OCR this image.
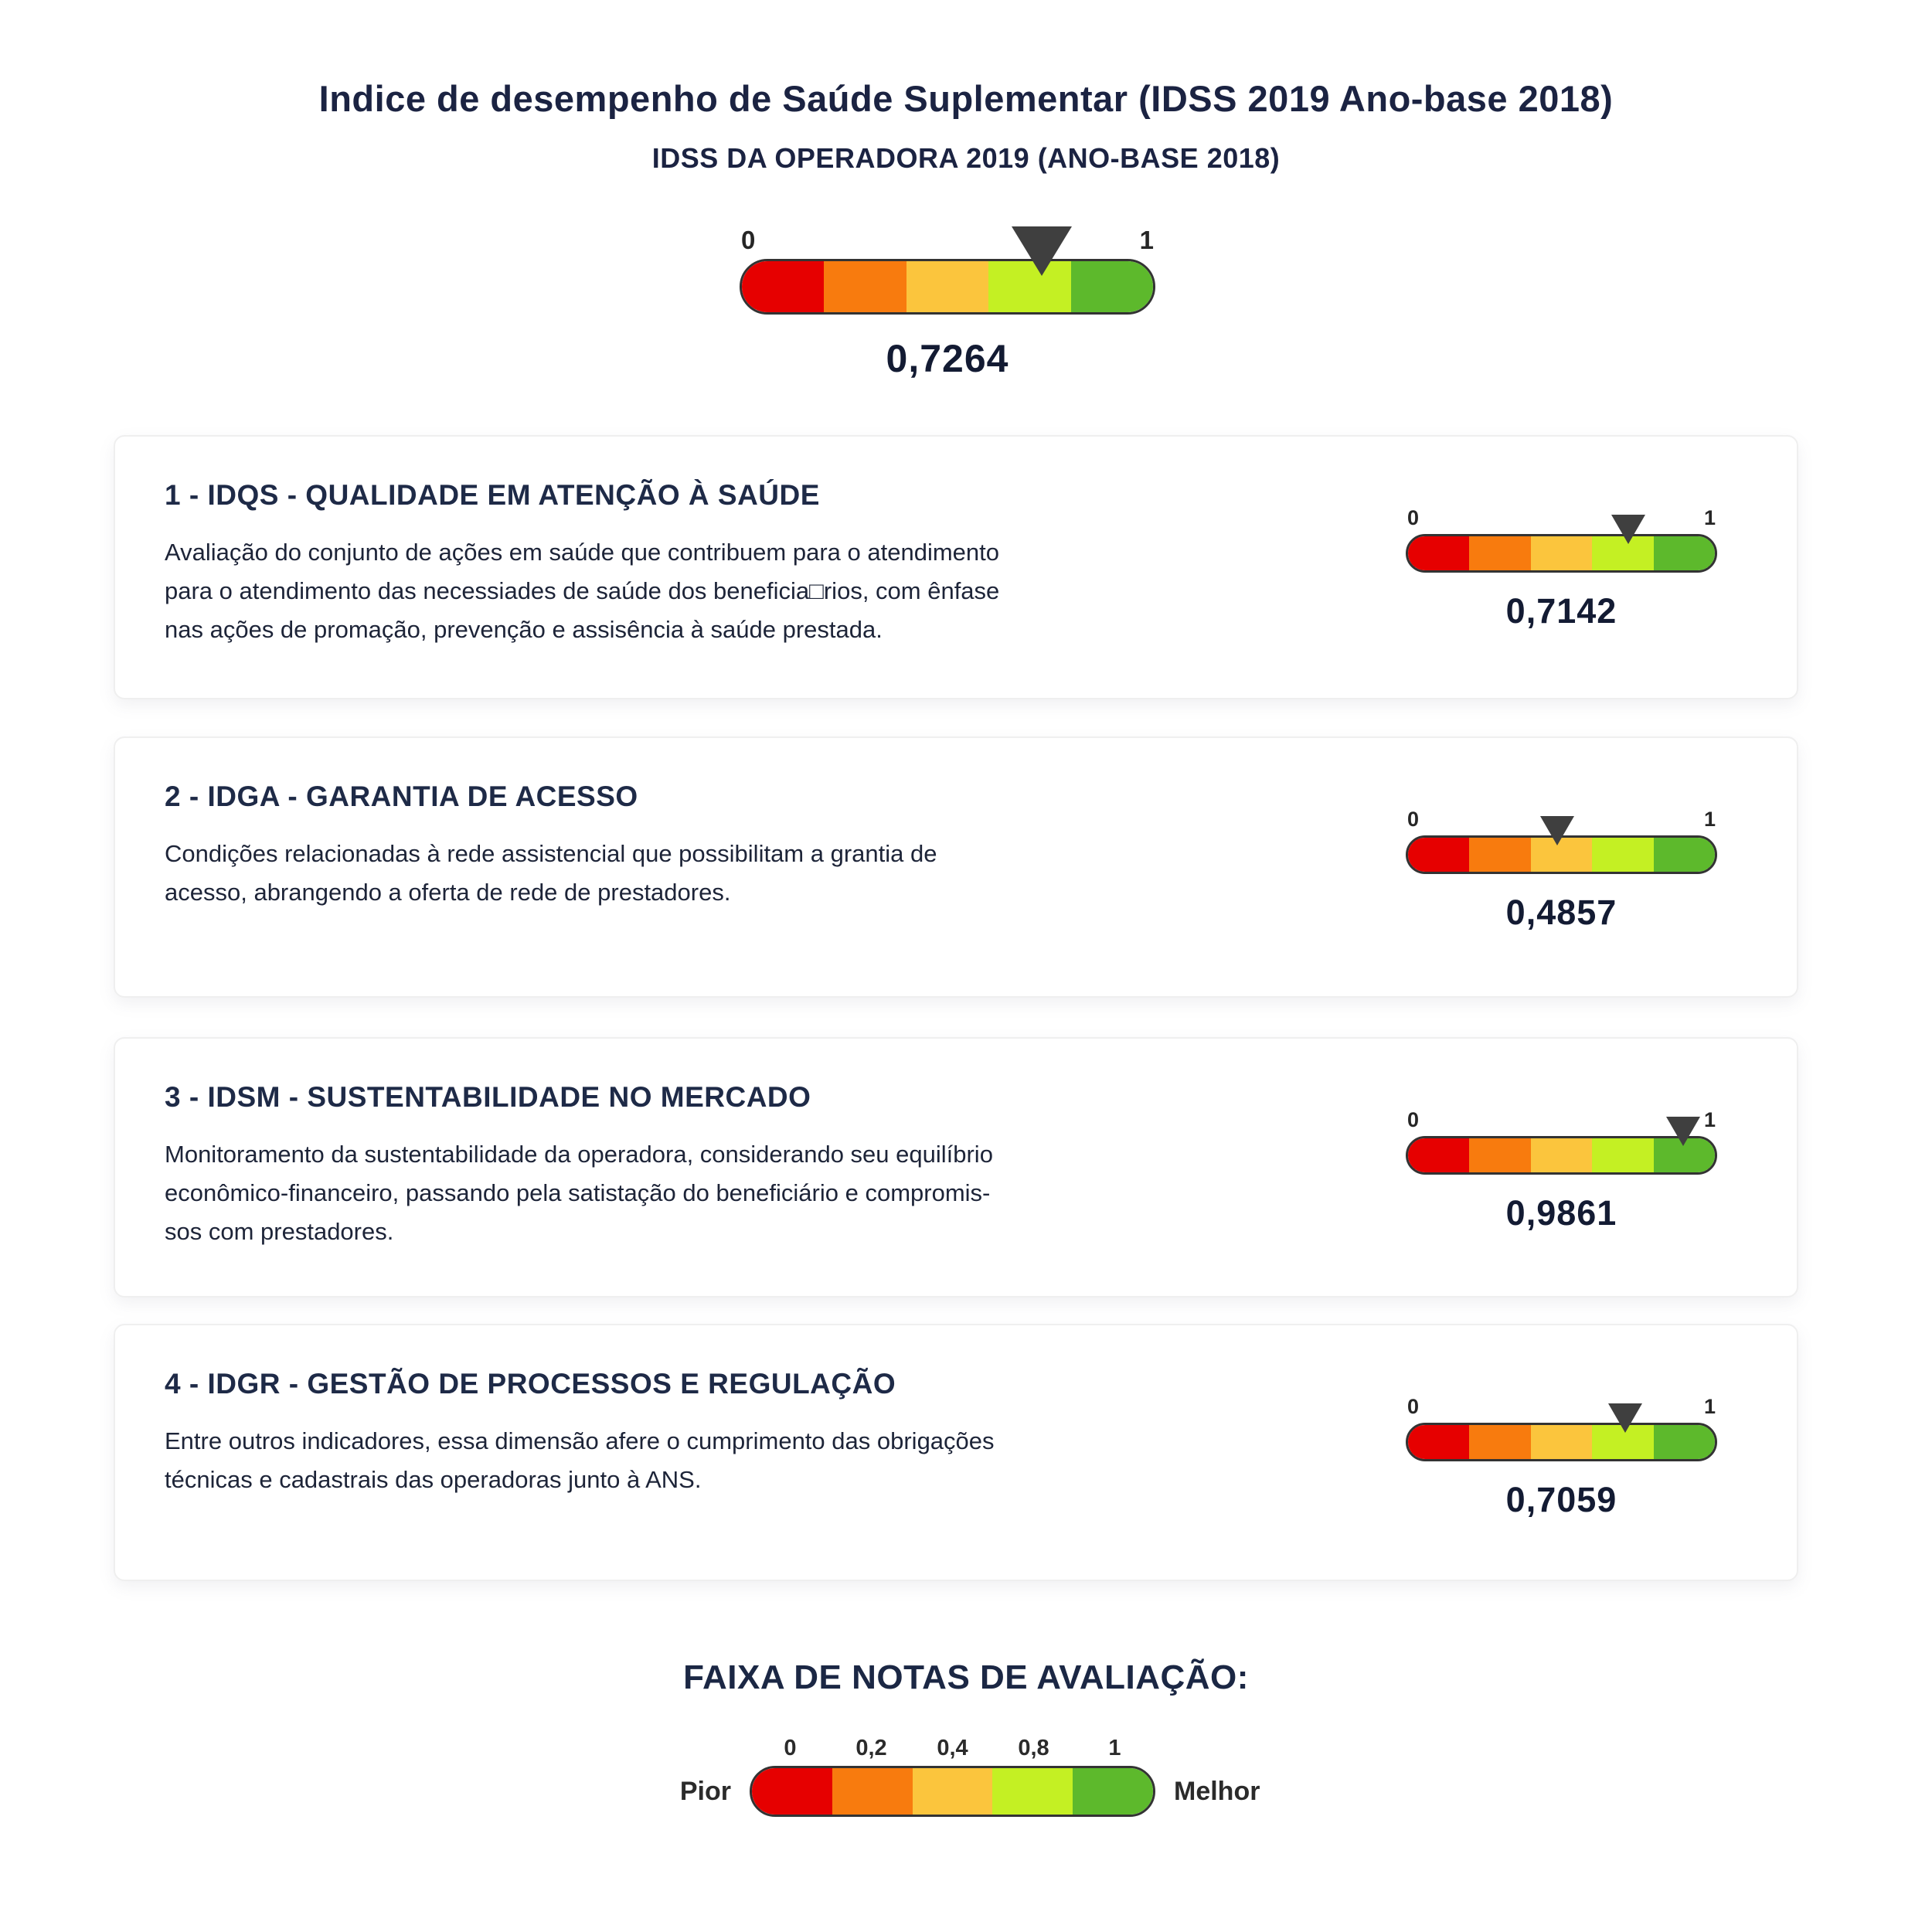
Indice de desempenho de Saúde Suplementar (IDSS 2019 Ano-base 2018)
IDSS DA OPERADORA 2019 (ANO-BASE 2018)
0	1
0,7264
1 - IDQS - QUALIDADE EM ATENÇÃO À SAÚDE
Avaliação do conjunto de ações em saúde que contribuem para o atendimento
para o atendimento das necessiades de saúde dos beneficia□rios, com ênfase
nas ações de promação, prevenção e assisência à saúde prestada.
0	1
0,7142
2 - IDGA - GARANTIA DE ACESSO
Condições relacionadas à rede assistencial que possibilitam a grantia de
acesso, abrangendo a oferta de rede de prestadores.
0	1
0,4857
3 - IDSM - SUSTENTABILIDADE NO MERCADO
Monitoramento da sustentabilidade da operadora, considerando seu equilíbrio
econômico-financeiro, passando pela satistação do beneficiário e compromis-
sos com prestadores.
0	1
0,9861
4 - IDGR - GESTÃO DE PROCESSOS E REGULAÇÃO
Entre outros indicadores, essa dimensão afere o cumprimento das obrigações
técnicas e cadastrais das operadoras junto à ANS.
0	1
0,7059
FAIXA DE NOTAS DE AVALIAÇÃO:
0	0,2	0,4	0,8	1
Pior	Melhor
